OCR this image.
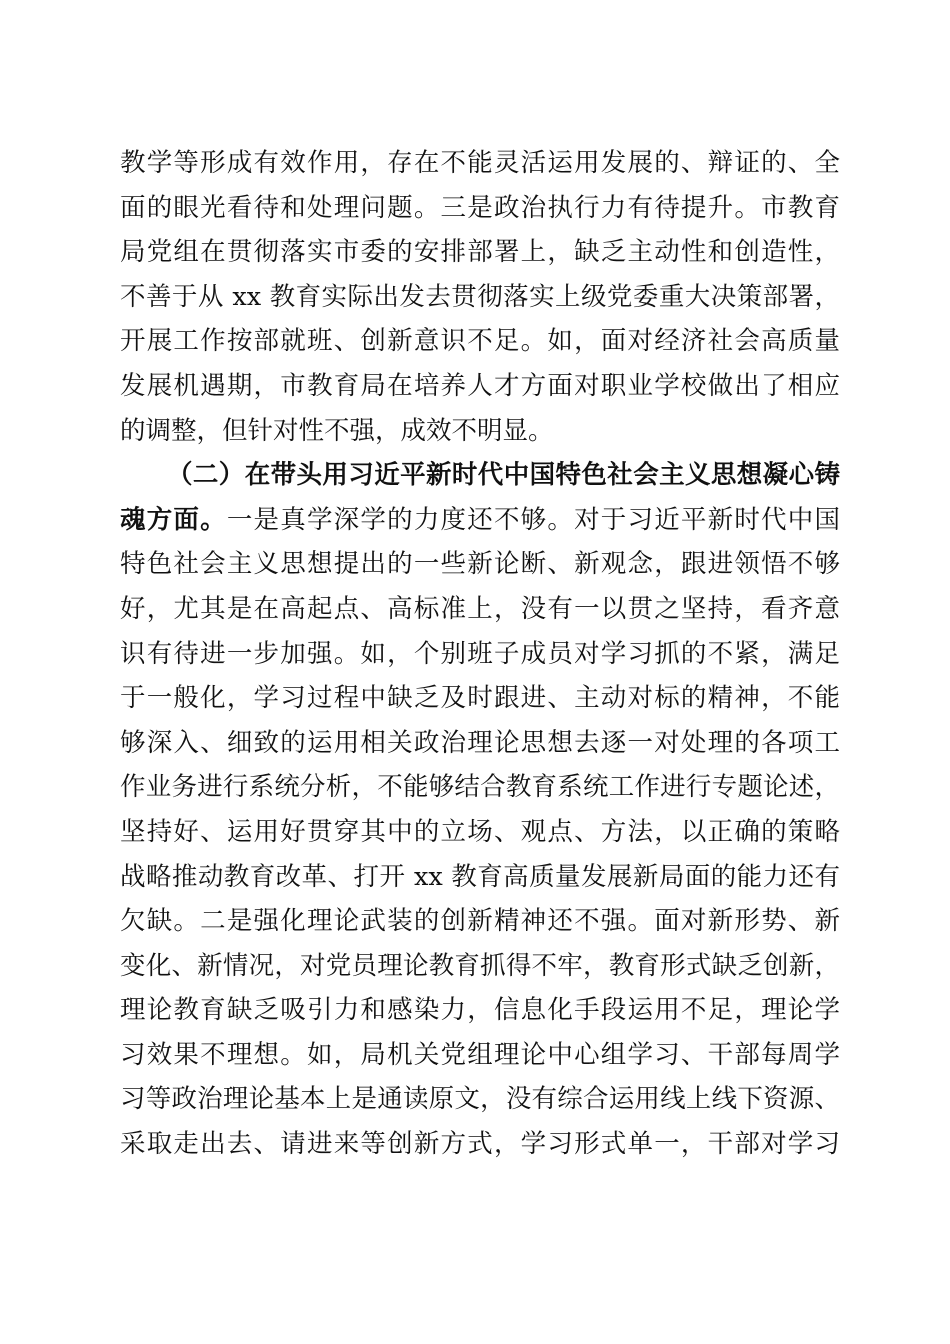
教学等形成有效作用，存在不能灵活运用发展的、辩证的、全
面的眼光看待和处理问题。三是政治执行力有待提升。市教育
局党组在贯彻落实市委的安排部署上，缺乏主动性和创造性，
不善于从 xx 教育实际出发去贯彻落实上级党委重大决策部署，
开展工作按部就班、创新意识不足。如，面对经济社会高质量
发展机遇期，市教育局在培养人才方面对职业学校做出了相应
的调整，但针对性不强，成效不明显。
（二）在带头用习近平新时代中国特色社会主义思想凝心铸
魂方面。一是真学深学的力度还不够。对于习近平新时代中国
特色社会主义思想提出的一些新论断、新观念，跟进领悟不够
好，尤其是在高起点、高标准上，没有一以贯之坚持，看齐意
识有待进一步加强。如，个别班子成员对学习抓的不紧，满足
于一般化，学习过程中缺乏及时跟进、主动对标的精神，不能
够深入、细致的运用相关政治理论思想去逐一对处理的各项工
作业务进行系统分析，不能够结合教育系统工作进行专题论述，
坚持好、运用好贯穿其中的立场、观点、方法，以正确的策略
战略推动教育改革、打开 xx 教育高质量发展新局面的能力还有
欠缺。二是强化理论武装的创新精神还不强。面对新形势、新
变化、新情况，对党员理论教育抓得不牢，教育形式缺乏创新，
理论教育缺乏吸引力和感染力，信息化手段运用不足，理论学
习效果不理想。如，局机关党组理论中心组学习、干部每周学
习等政治理论基本上是通读原文，没有综合运用线上线下资源、
采取走出去、请进来等创新方式，学习形式单一，干部对学习
